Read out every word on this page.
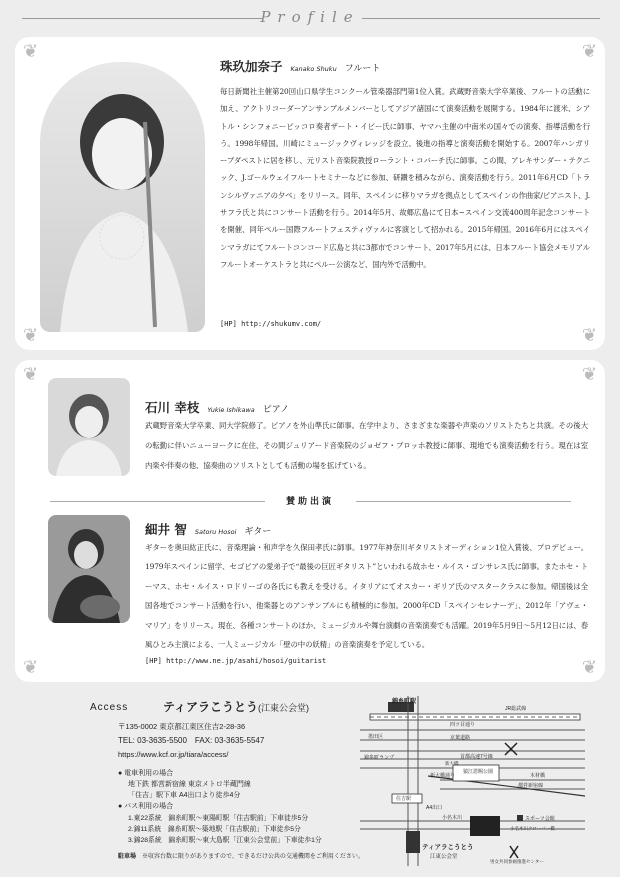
Profile
❦	❦
❦	❦
珠玖加奈子 Kanako Shuku フルート
毎日新聞社主催第20回山口県学生コンクール管楽器部門第1位入賞。武蔵野音楽大学卒業後、フルートの活動に加え、アクトリコーダーアンサンブルメンバーとしてアジア諸国にて演奏活動を展開する。1984年に渡米、シアトル・シンフォニーピッコロ奏者ザート・イビー氏に師事、ヤマハ主催の中南米の国々での演奏、指導活動を行う。1998年帰国。川崎にミュージックヴィレッジを設立、後進の指導と演奏活動を開始する。2007年ハンガリーブダペストに居を移し、元リスト音楽院教授ローラント・コバーチ氏に師事。この間、アレキサンダー・テクニック、J.ゴールウェイフルートセミナーなどに参加、研鑽を積みながら、演奏活動を行う。2011年6月CD「トランシルヴァニアの夕べ」をリリース。同年、スペインに移りマラガを拠点としてスペインの作曲家/ピアニスト、J.サフラ氏と共にコンサート活動を行う。2014年5月、故郷広島にて日本−スペイン交流400周年記念コンサートを開催、同年ペルー国際フルートフェスティヴァルに客演として招かれる。2015年帰国。2016年6月にはスペインマラガにてフルートコンコード広島と共に3都市でコンサート、2017年5月には、日本フルート協会メモリアルフルートオーケストラと共にペルー公演など、国内外で活動中。
[HP] http://shukumv.com/
❦	❦
❦	❦
石川 幸枝 Yukie Ishikawa ピアノ
武蔵野音楽大学卒業、同大学院修了。ピアノを外山準氏に師事。在学中より、さまざまな楽器や声楽のソリストたちと共演。その後大の転勤に伴いニューヨークに在住、その間ジュリアード音楽院のジョゼフ・ブロッホ教授に師事、現地でも演奏活動を行う。現在は室内楽や伴奏の他、協奏曲のソリストとしても活動の場を拡げている。
賛助出演
細井 智 Satoru Hosoi ギター
ギターを奥田紘正氏に、音楽理論・和声学を久保田孝氏に師事。1977年神奈川ギタリストオーディション1位入賞後、プロデビュー。1979年スペインに留学、セゴビアの愛弟子で“最後の巨匠ギタリスト”といわれる故ホセ・ルイス・ゴンサレス氏に師事。またホセ・トーマス、ホセ・ルイス・ロドリーゴの各氏にも教えを受ける。イタリアにてオスカー・ギリア氏のマスタークラスに参加。帰国後は全国各地でコンサート活動を行い、他楽器とのアンサンブルにも積極的に参加。2000年CD「スペインセレナーデ」、2012年「アヴェ・マリア」をリリース。現在、各種コンサートのほか、ミュージカルや舞台演劇の音楽演奏でも活躍。2019年5月9日〜5月12日には、春風ひとみ主演による、一人ミュージカル「壁の中の妖精」の音楽演奏を予定している。
[HP] http://www.ne.jp/asahi/hosoi/guitarist
Access	ティアラこうとう(江東公会堂)
〒135-0002 東京都江東区住吉2-28-36
TEL: 03-3635-5500　FAX: 03-3635-5547
https://www.kcf.or.jp/tiara/access/
● 電車利用の場合
地下鉄 都営新宿線 東京メトロ半蔵門線
「住吉」駅下車 A4出口より徒歩4分
● バス利用の場合
1.東22系統　錦糸町駅〜東陽町駅「住吉駅前」下車徒歩5分
2.錦11系統　錦糸町駅〜築地駅「住吉駅前」下車徒歩5分
3.錦28系統　錦糸町駅〜東大島駅「江東公会堂前」下車徒歩1分
駐車場 ※収容台数に限りがありますので、できるだけ公共の交通機関をご利用ください。
錦糸町駅
JR総武線
四ツ目通り
墨田区	京葉道路
錦糸町ランプ	首都高速7号線
新大橋通り
猿江恩賜公園
木材橋
都営新宿線
住吉駅
A4出口
小名木川
小名木川クローバー橋
スポーツ会館
ティアラこうとう
江東公会堂
男女共同参画推進センター
新大橋
